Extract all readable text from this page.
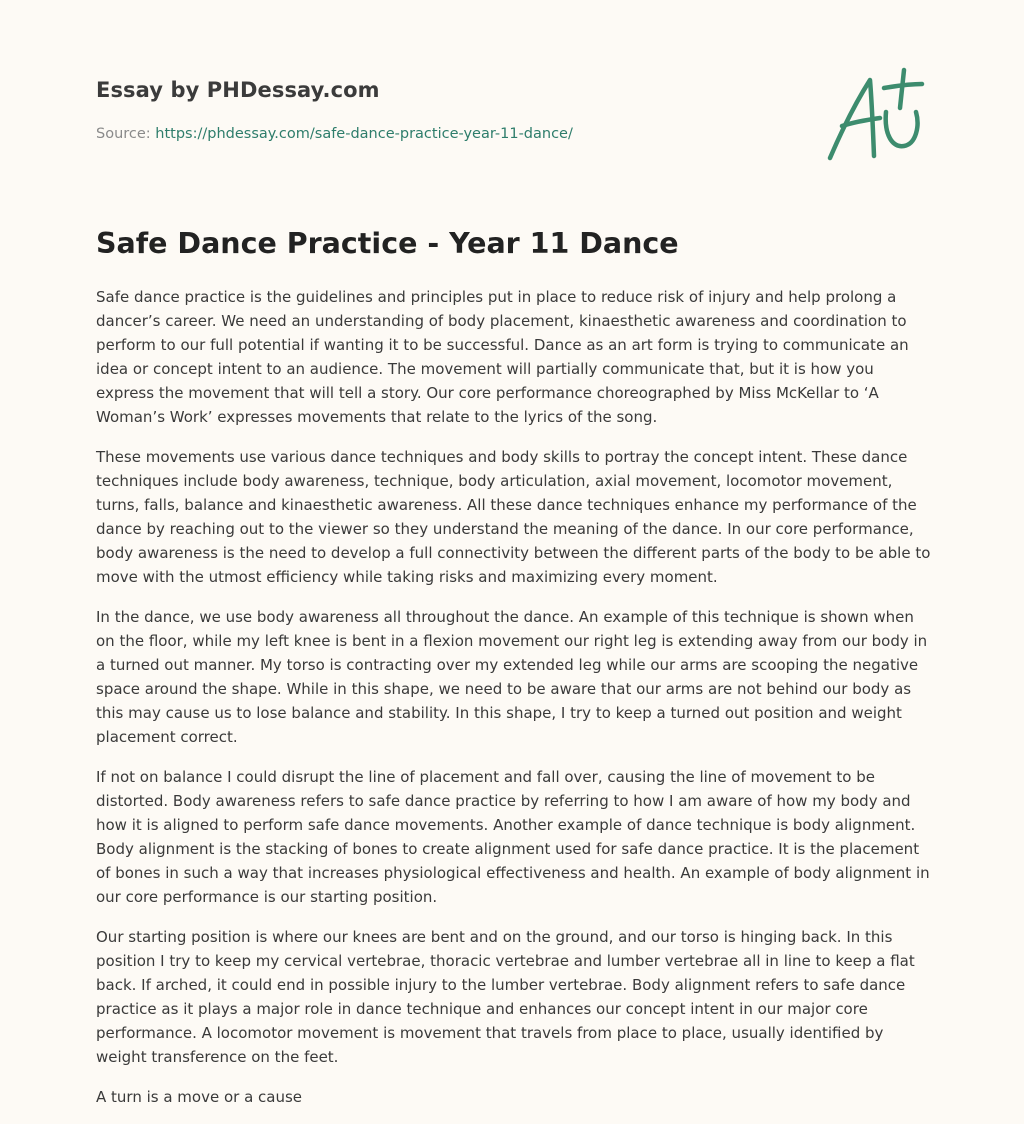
Essay by PHDessay.com
Source: https://phdessay.com/safe-dance-practice-year-11-dance/
Safe Dance Practice - Year 11 Dance

Safe dance practice is the guidelines and principles put in place to reduce risk of injury and help prolong a dancer’s career. We need an understanding of body placement, kinaesthetic awareness and coordination to perform to our full potential if wanting it to be successful. Dance as an art form is trying to communicate an idea or concept intent to an audience. The movement will partially communicate that, but it is how you express the movement that will tell a story. Our core performance choreographed by Miss McKellar to ‘A Woman’s Work’ expresses movements that relate to the lyrics of the song.

These movements use various dance techniques and body skills to portray the concept intent. These dance techniques include body awareness, technique, body articulation, axial movement, locomotor movement, turns, falls, balance and kinaesthetic awareness. All these dance techniques enhance my performance of the dance by reaching out to the viewer so they understand the meaning of the dance. In our core performance, body awareness is the need to develop a full connectivity between the different parts of the body to be able to move with the utmost efficiency while taking risks and maximizing every moment.

In the dance, we use body awareness all throughout the dance. An example of this technique is shown when on the floor, while my left knee is bent in a flexion movement our right leg is extending away from our body in a turned out manner. My torso is contracting over my extended leg while our arms are scooping the negative space around the shape. While in this shape, we need to be aware that our arms are not behind our body as this may cause us to lose balance and stability. In this shape, I try to keep a turned out position and weight placement correct.

If not on balance I could disrupt the line of placement and fall over, causing the line of movement to be distorted. Body awareness refers to safe dance practice by referring to how I am aware of how my body and how it is aligned to perform safe dance movements. Another example of dance technique is body alignment. Body alignment is the stacking of bones to create alignment used for safe dance practice. It is the placement of bones in such a way that increases physiological effectiveness and health. An example of body alignment in our core performance is our starting position.

Our starting position is where our knees are bent and on the ground, and our torso is hinging back. In this position I try to keep my cervical vertebrae, thoracic vertebrae and lumber vertebrae all in line to keep a flat back. If arched, it could end in possible injury to the lumber vertebrae. Body alignment refers to safe dance practice as it plays a major role in dance technique and enhances our concept intent in our major core performance. A locomotor movement is movement that travels from place to place, usually identified by weight transference on the feet.

A turn is a move or a cause
